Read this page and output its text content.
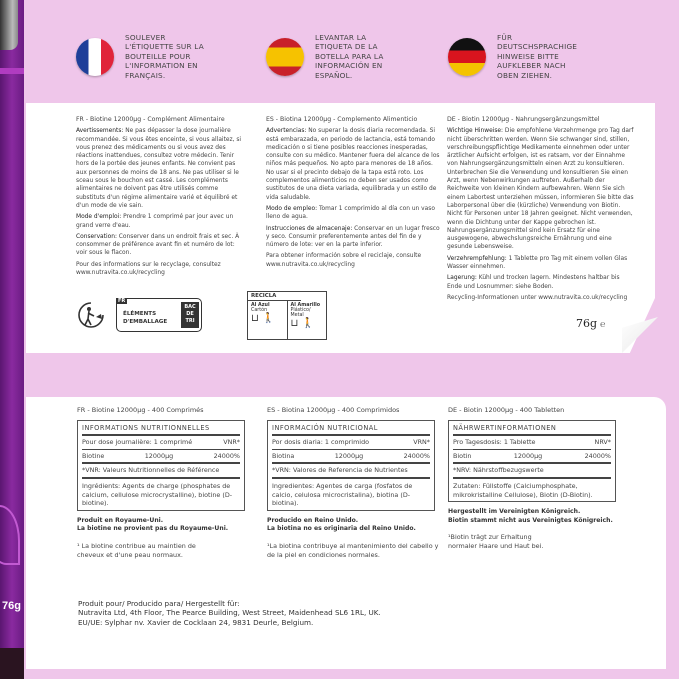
76g
SOULEVER
L'ÉTIQUETTE SUR LA
BOUTEILLE POUR
L'INFORMATION EN
FRANÇAIS.
LEVANTAR LA
ETIQUETA DE LA
BOTELLA PARA LA
INFORMACIÓN EN
ESPAÑOL.
FÜR
DEUTSCHSPRACHIGE
HINWEISE BITTE
AUFKLEBER NACH
OBEN ZIEHEN.
FR - Biotine 12000μg - Complément Alimentaire

Avertissements: Ne pas dépasser la dose journalière recommandée. Si vous êtes enceinte, si vous allaitez, si vous prenez des médicaments ou si vous avez des réactions inattendues, consultez votre médecin. Tenir hors de la portée des jeunes enfants. Ne convient pas aux personnes de moins de 18 ans. Ne pas utiliser si le sceau sous le bouchon est cassé. Les compléments alimentaires ne doivent pas être utilisés comme substituts d'un régime alimentaire varié et équilibré et d'un mode de vie sain.

Mode d'emploi: Prendre 1 comprimé par jour avec un grand verre d'eau.

Conservation: Conserver dans un endroit frais et sec. À consommer de préférence avant fin et numéro de lot: voir sous le flacon.

Pour des informations sur le recyclage, consultez www.nutravita.co.uk/recycling

ES - Biotina 12000μg - Complemento Alimenticio

Advertencias: No superar la dosis diaria recomendada. Si está embarazada, en periodo de lactancia, está tomando medicación o si tiene posibles reacciones inesperadas, consulte con su médico. Mantener fuera del alcance de los niños más pequeños. No apto para menores de 18 años. No usar si el precinto debajo de la tapa está roto. Los complementos alimenticios no deben ser usados como sustitutos de una dieta variada, equilibrada y un estilo de vida saludable.

Modo de empleo: Tomar 1 comprimido al día con un vaso lleno de agua.

Instrucciones de almacenaje: Conservar en un lugar fresco y seco. Consumir preferentemente antes del fin de y número de lote: ver en la parte inferior.

Para obtener información sobre el reciclaje, consulte www.nutravita.co.uk/recycling

DE - Biotin 12000μg - Nahrungsergänzungsmittel

Wichtige Hinweise: Die empfohlene Verzehrmenge pro Tag darf nicht überschritten werden. Wenn Sie schwanger sind, stillen, verschreibungspflichtige Medikamente einnehmen oder unter ärztlicher Aufsicht erfolgen, ist es ratsam, vor der Einnahme von Nahrungsergänzungsmitteln einen Arzt zu konsultieren. Unterbrechen Sie die Verwendung und konsultieren Sie einen Arzt, wenn Nebenwirkungen auftreten. Außerhalb der Reichweite von kleinen Kindern aufbewahren. Wenn Sie sich einem Labortest unterziehen müssen, informieren Sie bitte das Laborpersonal über die (kürzliche) Verwendung von Biotin. Nicht für Personen unter 18 Jahren geeignet. Nicht verwenden, wenn die Dichtung unter der Kappe gebrochen ist. Nahrungsergänzungsmittel sind kein Ersatz für eine ausgewogene, abwechslungsreiche Ernährung und eine gesunde Lebensweise.

Verzehrempfehlung: 1 Tablette pro Tag mit einem vollen Glas Wasser einnehmen.

Lagerung: Kühl und trocken lagern. Mindestens haltbar bis Ende und Losnummer: siehe Boden.

Recycling-Informationen unter www.nutravita.co.uk/recycling

FR
ÉLÉMENTS
D'EMBALLAGE
BAC
DE
TRI
RECICLA
Al Azul
Cartón
⊔ 🚶
Al Amarillo
Plástico/ Metal
⊔ 🚶	76g ℮
FR - Biotine 12000μg - 400 Comprimés
INFORMATIONS NUTRITIONNELLES
Pour dose journalière: 1 comprimé	VNR*
Biotine	12000μg	24000%
*VNR: Valeurs Nutritionnelles de Référence
Ingrédients: Agents de charge (phosphates de calcium, cellulose microcrystalline), biotine (D-biotine).
Produit en Royaume-Uni.
La biotine ne provient pas du Royaume-Uni.
¹ La biotine contribue au maintien de cheveux et d'une peau normaux.
ES - Biotina 12000μg - 400 Comprimidos
INFORMACIÓN NUTRICIONAL
Por dosis diaria: 1 comprimido	VRN*
Biotina	12000μg	24000%
*VRN: Valores de Referencia de Nutrientes
Ingredientes: Agentes de carga (fosfatos de calcio, celulosa microcristalina), biotina (D-biotina).
Producido en Reino Unido.
La biotina no es originaria del Reino Unido.
¹La biotina contribuye al mantenimiento del cabello y de la piel en condiciones normales.
DE - Biotin 12000μg - 400 Tabletten
NÄHRWERTINFORMATIONEN
Pro Tagesdosis: 1 Tablette	NRV*
Biotin	12000μg	24000%
*NRV: Nährstoffbezugswerte
Zutaten: Füllstoffe (Calciumphosphate, mikrokristalline Cellulose), Biotin (D-Biotin).
Hergestellt im Vereinigten Königreich.
Biotin stammt nicht aus Vereinigtes Königreich.
¹Biotin trägt zur Erhaltung normaler Haare und Haut bei.
Produit pour/ Producido para/ Hergestellt für:
Nutravita Ltd, 4th Floor, The Pearce Building, West Street, Maidenhead SL6 1RL, UK.
EU/UE: Sylphar nv. Xavier de Cocklaan 24, 9831 Deurle, Belgium.
